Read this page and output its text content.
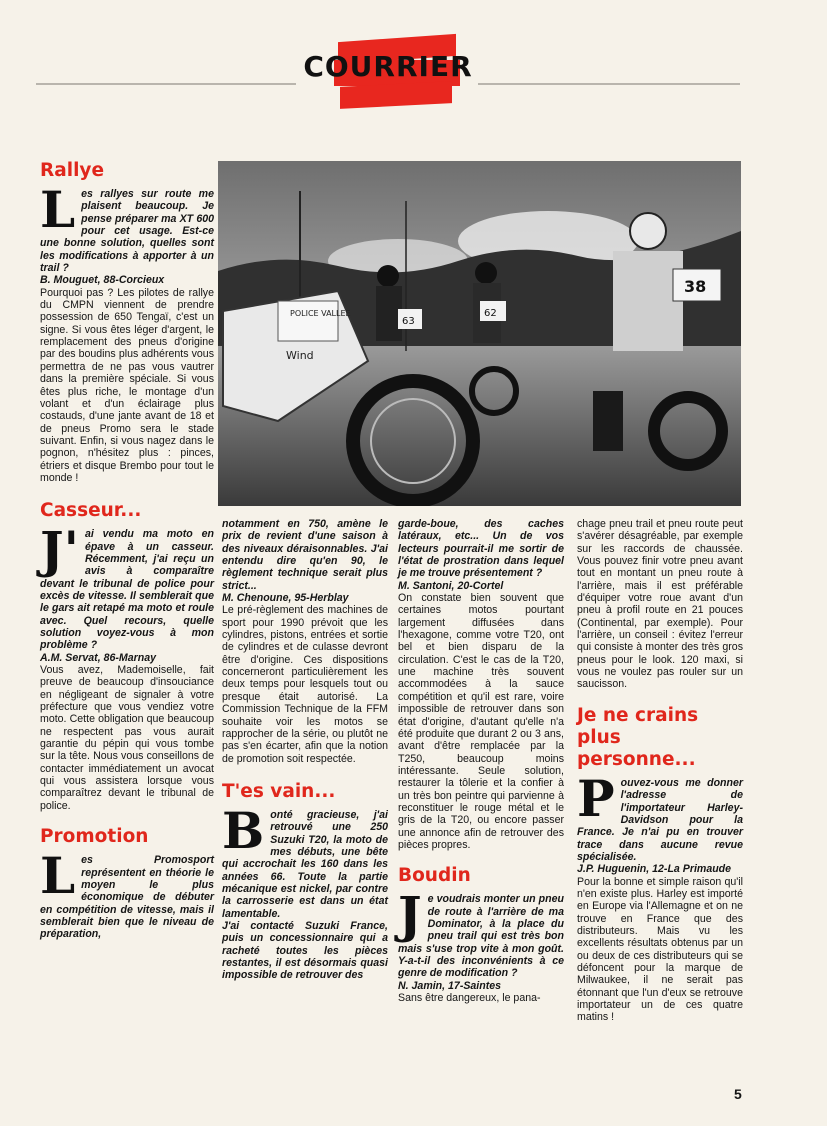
COURRIER
POLICE VALLEE
Wind
63
62
38
Rallye

Les rallyes sur route me plaisent beaucoup. Je pense préparer ma XT 600 pour cet usage. Est-ce une bonne solution, quelles sont les modifications à apporter à un trail ?
B. Mouguet, 88-Corcieux
Pourquoi pas ? Les pilotes de rallye du CMPN viennent de prendre possession de 650 Tengaï, c'est un signe. Si vous êtes léger d'argent, le remplacement des pneus d'origine par des boudins plus adhérents vous permettra de ne pas vous vautrer dans la première spéciale. Si vous êtes plus riche, le montage d'un volant et d'un éclairage plus costauds, d'une jante avant de 18 et de pneus Promo sera le stade suivant. Enfin, si vous nagez dans le pognon, n'hésitez plus : pinces, étriers et disque Brembo pour tout le monde !

Casseur...

J' ai vendu ma moto en épave à un casseur. Récemment, j'ai reçu un avis à comparaître devant le tribunal de police pour excès de vitesse. Il semblerait que le gars ait retapé ma moto et roule avec. Quel recours, quelle solution voyez-vous à mon problème ?
A.M. Servat, 86-Marnay
Vous avez, Mademoiselle, fait preuve de beaucoup d'insouciance en négligeant de signaler à votre préfecture que vous vendiez votre moto. Cette obligation que beaucoup ne respectent pas vous aurait garantie du pépin qui vous tombe sur la tête. Nous vous conseillons de contacter immédiatement un avocat qui vous assistera lorsque vous comparaîtrez devant le tribunal de police.

Promotion

Les Promosport représentent en théorie le moyen le plus économique de débuter en compétition de vitesse, mais il semblerait bien que le niveau de préparation,

notamment en 750, amène le prix de revient d'une saison à des niveaux déraisonnables. J'ai entendu dire qu'en 90, le règlement technique serait plus strict...
M. Chenoune, 95-Herblay
Le pré-règlement des machines de sport pour 1990 prévoit que les cylindres, pistons, entrées et sortie de cylindres et de culasse devront être d'origine. Ces dispositions concerneront particulièrement les deux temps pour lesquels tout ou presque était autorisé. La Commission Technique de la FFM souhaite voir les motos se rapprocher de la série, ou plutôt ne pas s'en écarter, afin que la notion de promotion soit respectée.

T'es vain...

Bonté gracieuse, j'ai retrouvé une 250 Suzuki T20, la moto de mes débuts, une bête qui accrochait les 160 dans les années 66. Toute la partie mécanique est nickel, par contre la carrosserie est dans un état lamentable.
J'ai contacté Suzuki France, puis un concessionnaire qui a racheté toutes les pièces restantes, il est désormais quasi impossible de retrouver des

garde-boue, des caches latéraux, etc... Un de vos lecteurs pourrait-il me sortir de l'état de prostration dans lequel je me trouve présentement ?
M. Santoni, 20-Cortel
On constate bien souvent que certaines motos pourtant largement diffusées dans l'hexagone, comme votre T20, ont bel et bien disparu de la circulation. C'est le cas de la T20, une machine très souvent accommodées à la sauce compétition et qu'il est rare, voire impossible de retrouver dans son état d'origine, d'autant qu'elle n'a été produite que durant 2 ou 3 ans, avant d'être remplacée par la T250, beaucoup moins intéressante. Seule solution, restaurer la tôlerie et la confier à un très bon peintre qui parvienne à reconstituer le rouge métal et le gris de la T20, ou encore passer une annonce afin de retrouver des pièces propres.

Boudin

Je voudrais monter un pneu de route à l'arrière de ma Dominator, à la place du pneu trail qui est très bon mais s'use trop vite à mon goût. Y-a-t-il des inconvénients à ce genre de modification ?
N. Jamin, 17-Saintes
Sans être dangereux, le pana-

chage pneu trail et pneu route peut s'avérer désagréable, par exemple sur les raccords de chaussée. Vous pouvez finir votre pneu avant tout en montant un pneu route à l'arrière, mais il est préférable d'équiper votre roue avant d'un pneu à profil route en 21 pouces (Continental, par exemple). Pour l'arrière, un conseil : évitez l'erreur qui consiste à monter des très gros pneus pour le look. 120 maxi, si vous ne voulez pas rouler sur un saucisson.

Je ne crains plus personne...

Pouvez-vous me donner l'adresse de l'importateur Harley-Davidson pour la France. Je n'ai pu en trouver trace dans aucune revue spécialisée.
J.P. Huguenin, 12-La Primaude
Pour la bonne et simple raison qu'il n'en existe plus. Harley est importé en Europe via l'Allemagne et on ne trouve en France que des distributeurs. Mais vu les excellents résultats obtenus par un ou deux de ces distributeurs qui se défoncent pour la marque de Milwaukee, il ne serait pas étonnant que l'un d'eux se retrouve importateur un de ces quatre matins !

5
